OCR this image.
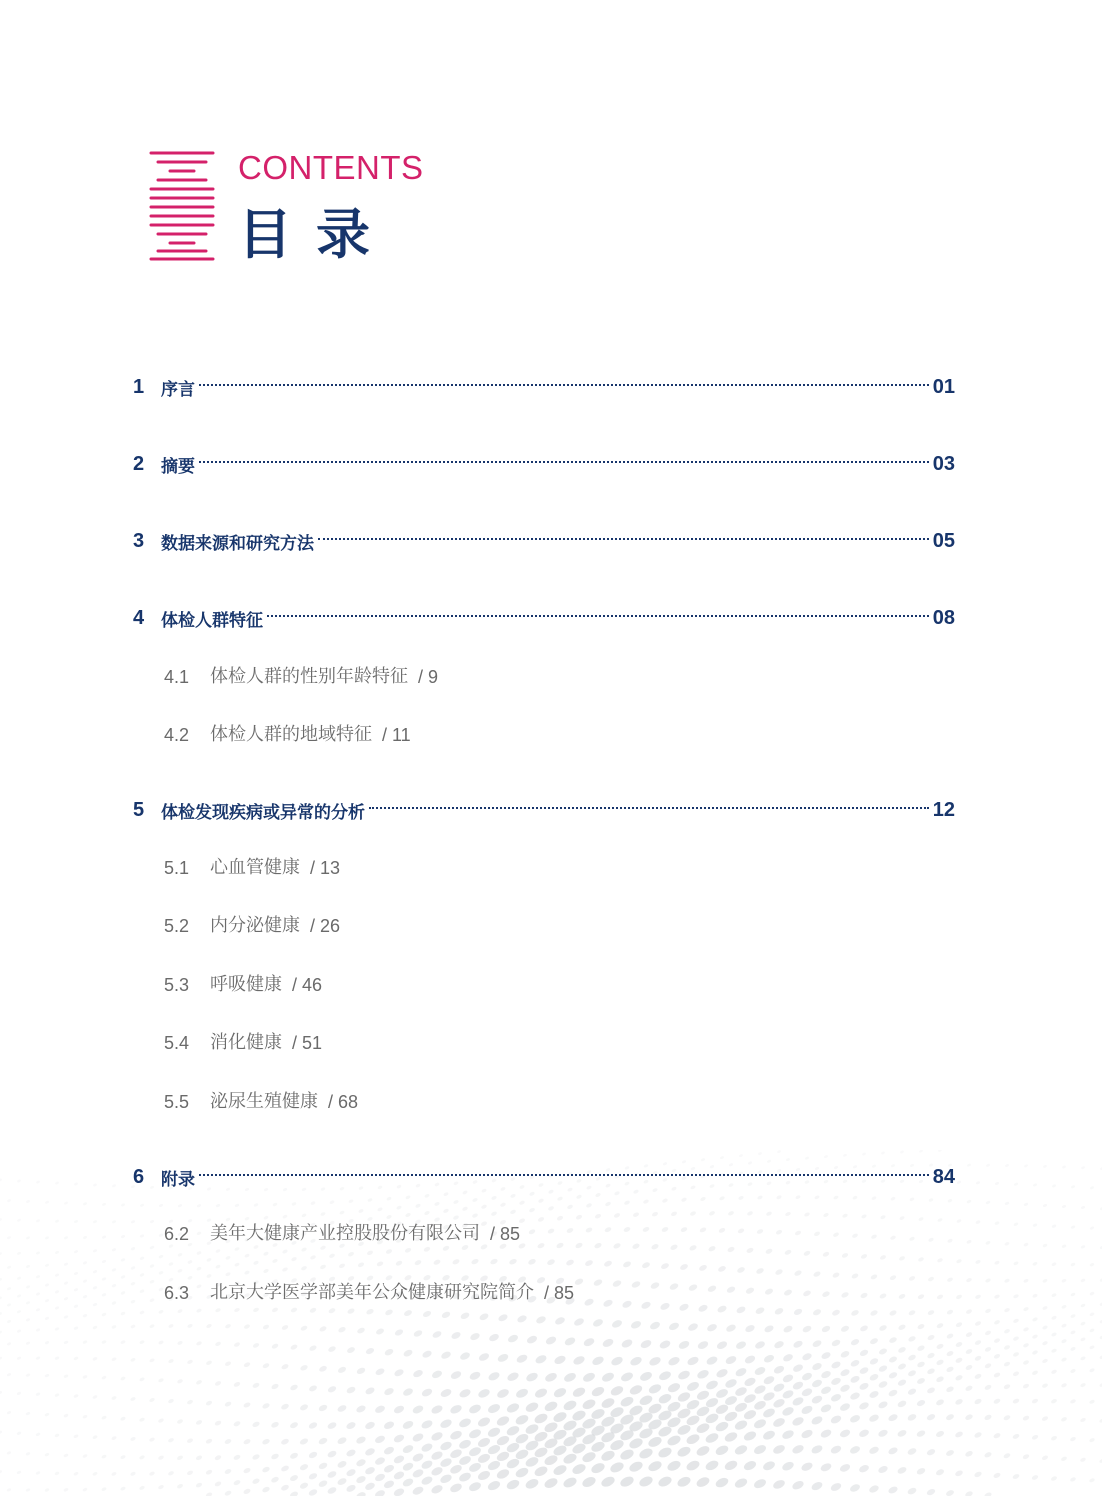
CONTENTS
目录
1 序言	01
2 摘要	03
3 数据来源和研究方法	05
4 体检人群特征	08
4.1	体检人群的性别年龄特征 / 9
4.2	体检人群的地域特征 / 11
5 体检发现疾病或异常的分析	12
5.1	心血管健康 / 13
5.2	内分泌健康 / 26
5.3	呼吸健康 / 46
5.4	消化健康 / 51
5.5	泌尿生殖健康 / 68
6 附录	84
6.2	美年大健康产业控股股份有限公司 / 85
6.3	北京大学医学部美年公众健康研究院简介 / 85
